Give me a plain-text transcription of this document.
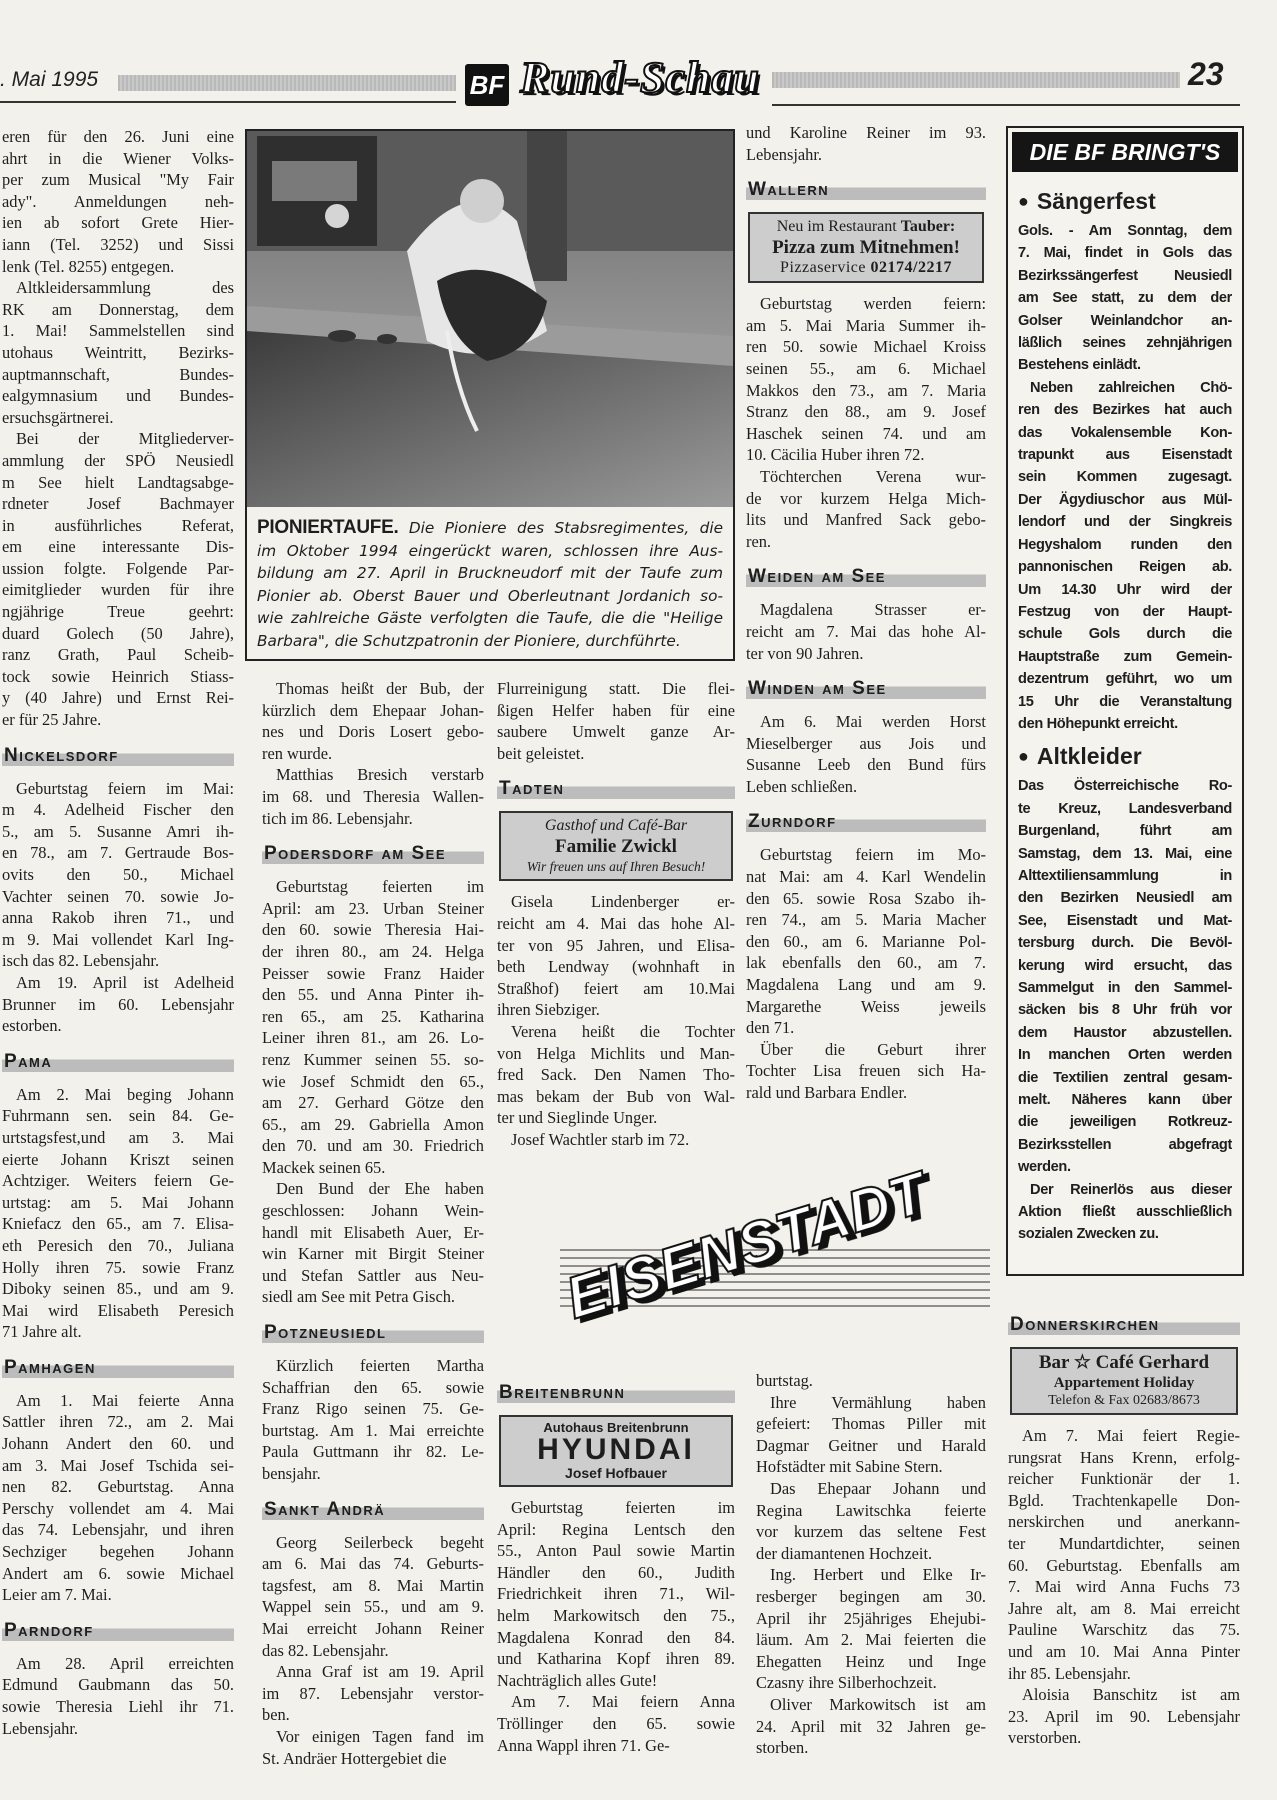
. Mai 1995	BF Rund-Schau	23
PIONIERTAUFE. Die Pioniere des Stabsregimentes, die
im Oktober 1994 eingerückt waren, schlossen ihre Aus-
bildung am 27. April in Bruckneudorf mit der Taufe zum
Pionier ab. Oberst Bauer und Oberleutnant Jordanich so-
wie zahlreiche Gäste verfolgten die Taufe, die die "Heilige
Barbara", die Schutzpatronin der Pioniere, durchführte.
eren für den 26. Juni eine
ahrt in die Wiener Volks-
per zum Musical "My Fair
ady". Anmeldungen neh-
ien ab sofort Grete Hier-
iann (Tel. 3252) und Sissi
lenk (Tel. 8255) entgegen.
Altkleidersammlung des
RK am Donnerstag, dem
1. Mai! Sammelstellen sind
utohaus Weintritt, Bezirks-
auptmannschaft, Bundes-
ealgymnasium und Bundes-
ersuchsgärtnerei.
Bei der Mitgliederver-
ammlung der SPÖ Neusiedl
m See hielt Landtagsabge-
rdneter Josef Bachmayer
in ausführliches Referat,
em eine interessante Dis-
ussion folgte. Folgende Par-
eimitglieder wurden für ihre
ngjährige Treue geehrt:
duard Golech (50 Jahre),
ranz Grath, Paul Scheib-
tock sowie Heinrich Stiass-
y (40 Jahre) und Ernst Rei-
er für 25 Jahre.
Nickelsdorf
Geburtstag feiern im Mai:
m 4. Adelheid Fischer den
5., am 5. Susanne Amri ih-
en 78., am 7. Gertraude Bos-
ovits den 50., Michael
Vachter seinen 70. sowie Jo-
anna Rakob ihren 71., und
m 9. Mai vollendet Karl Ing-
isch das 82. Lebensjahr.
Am 19. April ist Adelheid
Brunner im 60. Lebensjahr
estorben.
Pama
Am 2. Mai beging Johann
Fuhrmann sen. sein 84. Ge-
urtstagsfest,und am 3. Mai
eierte Johann Kriszt seinen
Achtziger. Weiters feiern Ge-
urtstag: am 5. Mai Johann
Kniefacz den 65., am 7. Elisa-
eth Peresich den 70., Juliana
Holly ihren 75. sowie Franz
Diboky seinen 85., und am 9.
Mai wird Elisabeth Peresich
71 Jahre alt.
Pamhagen
Am 1. Mai feierte Anna
Sattler ihren 72., am 2. Mai
Johann Andert den 60. und
am 3. Mai Josef Tschida sei-
nen 82. Geburtstag. Anna
Perschy vollendet am 4. Mai
das 74. Lebensjahr, und ihren
Sechziger begehen Johann
Andert am 6. sowie Michael
Leier am 7. Mai.
Parndorf
Am 28. April erreichten
Edmund Gaubmann das 50.
sowie Theresia Liehl ihr 71.
Lebensjahr.
Thomas heißt der Bub, der
kürzlich dem Ehepaar Johan-
nes und Doris Losert gebo-
ren wurde.
Matthias Bresich verstarb
im 68. und Theresia Wallen-
tich im 86. Lebensjahr.
Podersdorf am See
Geburtstag feierten im
April: am 23. Urban Steiner
den 60. sowie Theresia Hai-
der ihren 80., am 24. Helga
Peisser sowie Franz Haider
den 55. und Anna Pinter ih-
ren 65., am 25. Katharina
Leiner ihren 81., am 26. Lo-
renz Kummer seinen 55. so-
wie Josef Schmidt den 65.,
am 27. Gerhard Götze den
65., am 29. Gabriella Amon
den 70. und am 30. Friedrich
Mackek seinen 65.
Den Bund der Ehe haben
geschlossen: Johann Wein-
handl mit Elisabeth Auer, Er-
win Karner mit Birgit Steiner
und Stefan Sattler aus Neu-
siedl am See mit Petra Gisch.
Potzneusiedl
Kürzlich feierten Martha
Schaffrian den 65. sowie
Franz Rigo seinen 75. Ge-
burtstag. Am 1. Mai erreichte
Paula Guttmann ihr 82. Le-
bensjahr.
Sankt Andrä
Georg Seilerbeck begeht
am 6. Mai das 74. Geburts-
tagsfest, am 8. Mai Martin
Wappel sein 55., und am 9.
Mai erreicht Johann Reiner
das 82. Lebensjahr.
Anna Graf ist am 19. April
im 87. Lebensjahr verstor-
ben.
Vor einigen Tagen fand im
St. Andräer Hottergebiet die
Flurreinigung statt. Die flei-
ßigen Helfer haben für eine
saubere Umwelt ganze Ar-
beit geleistet.
Tadten
Gasthof und Café-Bar
Familie Zwickl
Wir freuen uns auf Ihren Besuch!
Gisela Lindenberger er-
reicht am 4. Mai das hohe Al-
ter von 95 Jahren, und Elisa-
beth Lendway (wohnhaft in
Straßhof) feiert am 10.Mai
ihren Siebziger.
Verena heißt die Tochter
von Helga Michlits und Man-
fred Sack. Den Namen Tho-
mas bekam der Bub von Wal-
ter und Sieglinde Unger.
Josef Wachtler starb im 72.
EISENSTADT
Breitenbrunn
Autohaus Breitenbrunn
HYUNDAI
Josef Hofbauer
Geburtstag feierten im
April: Regina Lentsch den
55., Anton Paul sowie Martin
Händler den 60., Judith
Friedrichkeit ihren 71., Wil-
helm Markowitsch den 75.,
Magdalena Konrad den 84.
und Katharina Kopf ihren 89.
Nachträglich alles Gute!
Am 7. Mai feiern Anna
Tröllinger den 65. sowie
Anna Wappl ihren 71. Ge-
und Karoline Reiner im 93.
Lebensjahr.
Wallern
Neu im Restaurant Tauber:
Pizza zum Mitnehmen!
Pizzaservice 02174/2217
Geburtstag werden feiern:
am 5. Mai Maria Summer ih-
ren 50. sowie Michael Kroiss
seinen 55., am 6. Michael
Makkos den 73., am 7. Maria
Stranz den 88., am 9. Josef
Haschek seinen 74. und am
10. Cäcilia Huber ihren 72.
Töchterchen Verena wur-
de vor kurzem Helga Mich-
lits und Manfred Sack gebo-
ren.
Weiden am See
Magdalena Strasser er-
reicht am 7. Mai das hohe Al-
ter von 90 Jahren.
Winden am See
Am 6. Mai werden Horst
Mieselberger aus Jois und
Susanne Leeb den Bund fürs
Leben schließen.
Zurndorf
Geburtstag feiern im Mo-
nat Mai: am 4. Karl Wendelin
den 65. sowie Rosa Szabo ih-
ren 74., am 5. Maria Macher
den 60., am 6. Marianne Pol-
lak ebenfalls den 60., am 7.
Magdalena Lang und am 9.
Margarethe Weiss jeweils
den 71.
Über die Geburt ihrer
Tochter Lisa freuen sich Ha-
rald und Barbara Endler.
burtstag.
Ihre Vermählung haben
gefeiert: Thomas Piller mit
Dagmar Geitner und Harald
Hofstädter mit Sabine Stern.
Das Ehepaar Johann und
Regina Lawitschka feierte
vor kurzem das seltene Fest
der diamantenen Hochzeit.
Ing. Herbert und Elke Ir-
resberger begingen am 30.
April ihr 25jähriges Ehejubi-
läum. Am 2. Mai feierten die
Ehegatten Heinz und Inge
Czasny ihre Silberhochzeit.
Oliver Markowitsch ist am
24. April mit 32 Jahren ge-
storben.
DIE BF BRINGT'S
● Sängerfest
Gols. - Am Sonntag, dem
7. Mai, findet in Gols das
Bezirkssängerfest Neusiedl
am See statt, zu dem der
Golser Weinlandchor an-
läßlich seines zehnjährigen
Bestehens einlädt.
Neben zahlreichen Chö-
ren des Bezirkes hat auch
das Vokalensemble Kon-
trapunkt aus Eisenstadt
sein Kommen zugesagt.
Der Ägydiuschor aus Mül-
lendorf und der Singkreis
Hegyshalom runden den
pannonischen Reigen ab.
Um 14.30 Uhr wird der
Festzug von der Haupt-
schule Gols durch die
Hauptstraße zum Gemein-
dezentrum geführt, wo um
15 Uhr die Veranstaltung
den Höhepunkt erreicht.
● Altkleider
Das Österreichische Ro-
te Kreuz, Landesverband
Burgenland, führt am
Samstag, dem 13. Mai, eine
Alttextiliensammlung in
den Bezirken Neusiedl am
See, Eisenstadt und Mat-
tersburg durch. Die Bevöl-
kerung wird ersucht, das
Sammelgut in den Sammel-
säcken bis 8 Uhr früh vor
dem Haustor abzustellen.
In manchen Orten werden
die Textilien zentral gesam-
melt. Näheres kann über
die jeweiligen Rotkreuz-
Bezirksstellen abgefragt
werden.
Der Reinerlös aus dieser
Aktion fließt ausschließlich
sozialen Zwecken zu.
Donnerskirchen
Bar ☆ Café Gerhard
Appartement Holiday
Telefon & Fax 02683/8673
Am 7. Mai feiert Regie-
rungsrat Hans Krenn, erfolg-
reicher Funktionär der 1.
Bgld. Trachtenkapelle Don-
nerskirchen und anerkann-
ter Mundartdichter, seinen
60. Geburtstag. Ebenfalls am
7. Mai wird Anna Fuchs 73
Jahre alt, am 8. Mai erreicht
Pauline Warschitz das 75.
und am 10. Mai Anna Pinter
ihr 85. Lebensjahr.
Aloisia Banschitz ist am
23. April im 90. Lebensjahr
verstorben.
